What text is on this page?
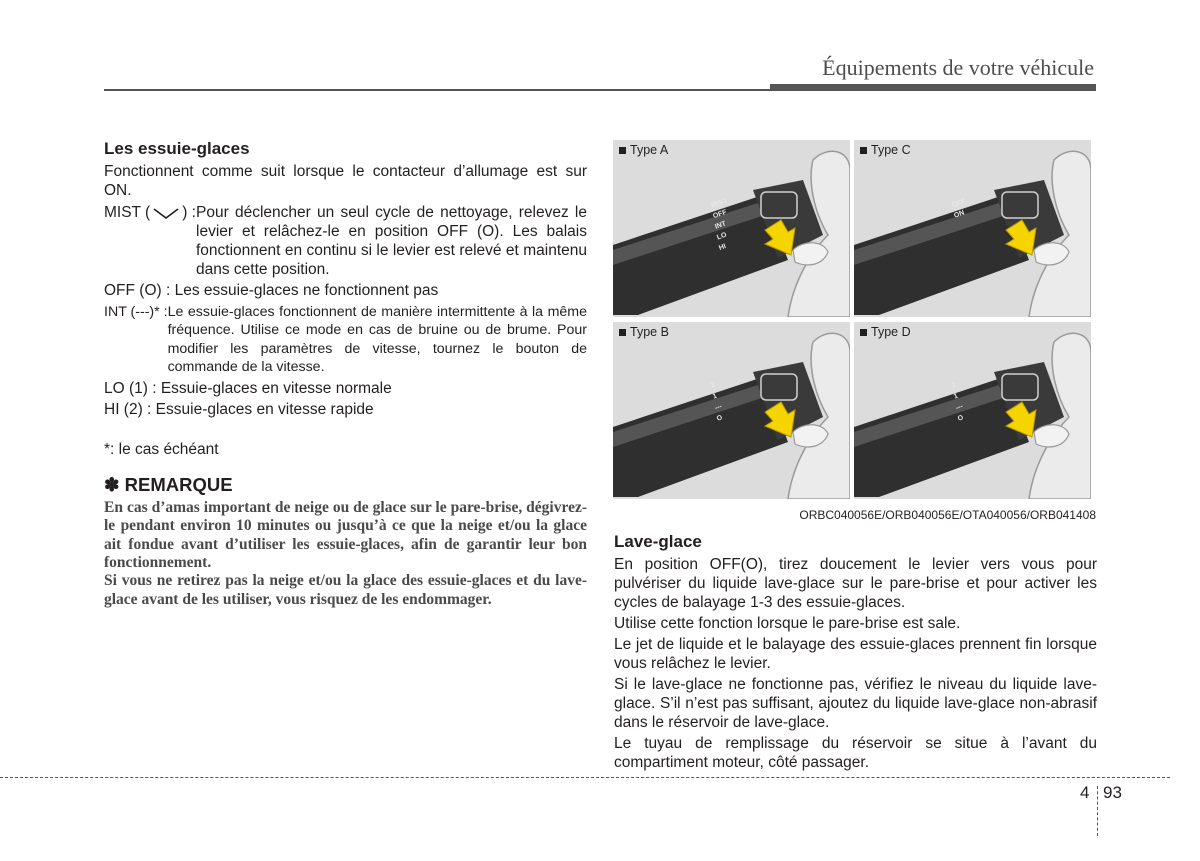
Équipements de votre véhicule
Les essuie-glaces

Fonctionnent comme suit lorsque le contacteur d’allumage est sur ON.

MIST ( ) : Pour déclencher un seul cycle de nettoyage, relevez le levier et relâchez-le en position OFF (O). Les balais fonctionnent en continu si le levier est relevé et maintenu dans cette position.

OFF (O) : Les essuie-glaces ne fonctionnent pas

INT (---)* : Le essuie-glaces fonctionnent de manière intermittente à la même fréquence. Utilise ce mode en cas de bruine ou de brume. Pour modifier les paramètres de vitesse, tournez le bouton de commande de la vitesse.

LO (1) : Essuie-glaces en vitesse normale

HI (2) : Essuie-glaces en vitesse rapide

*: le cas échéant

✽ REMARQUE

En cas d’amas important de neige ou de glace sur le pare-brise, dégivrez-le pendant environ 10 minutes ou jusqu’à ce que la neige et/ou la glace ait fondue avant d’utiliser les essuie-glaces, afin de garantir leur bon fonctionnement.

Si vous ne retirez pas la neige et/ou la glace des essuie-glaces et du lave-glace avant de les utiliser, vous risquez de les endommager.

MIST
OFF
INT
LO
HI
Type A
OFF
ON
Type C
2
1
---
O
Type B
2
1
---
O
Type D
ORBC040056E/ORB040056E/OTA040056/ORB041408
Lave-glace

En position OFF(O), tirez doucement le levier vers vous pour pulvériser du liquide lave-glace sur le pare-brise et pour activer les cycles de balayage 1-3 des essuie-glaces.

Utilise cette fonction lorsque le pare-brise est sale.

Le jet de liquide et le balayage des essuie-glaces prennent fin lorsque vous relâchez le levier.

Si le lave-glace ne fonctionne pas, vérifiez le niveau du liquide lave-glace. S’il n’est pas suffisant, ajoutez du liquide lave-glace non-abrasif dans le réservoir de lave-glace.

Le tuyau de remplissage du réservoir se situe à l’avant du compartiment moteur, côté passager.

4 93
